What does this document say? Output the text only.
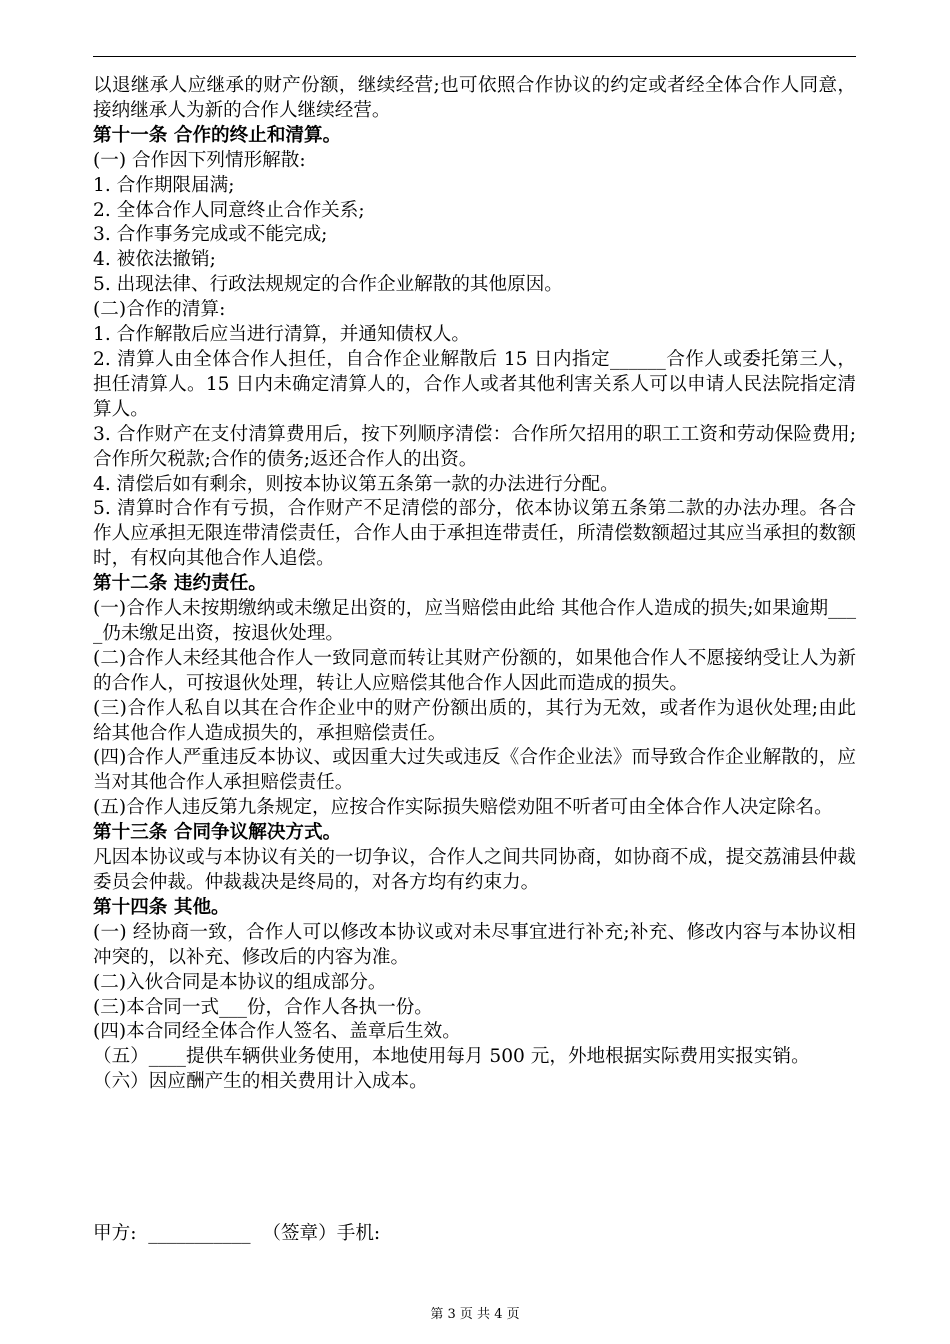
以退继承人应继承的财产份额，继续经营;也可依照合作协议的约定或者经全体合作人同意，接纳继承人为新的合作人继续经营。

第十一条 合作的终止和清算。

(一) 合作因下列情形解散:

1. 合作期限届满;

2. 全体合作人同意终止合作关系;

3. 合作事务完成或不能完成;

4. 被依法撤销;

5. 出现法律、行政法规规定的合作企业解散的其他原因。

(二)合作的清算:

1. 合作解散后应当进行清算，并通知债权人。

2. 清算人由全体合作人担任，自合作企业解散后 15 日内指定______合作人或委托第三人，担任清算人。15 日内未确定清算人的，合作人或者其他利害关系人可以申请人民法院指定清算人。

3. 合作财产在支付清算费用后，按下列顺序清偿：合作所欠招用的职工工资和劳动保险费用;合作所欠税款;合作的债务;返还合作人的出资。

4. 清偿后如有剩余，则按本协议第五条第一款的办法进行分配。

5. 清算时合作有亏损，合作财产不足清偿的部分，依本协议第五条第二款的办法办理。各合作人应承担无限连带清偿责任，合作人由于承担连带责任，所清偿数额超过其应当承担的数额时，有权向其他合作人追偿。

第十二条 违约责任。

(一)合作人未按期缴纳或未缴足出资的，应当赔偿由此给 其他合作人造成的损失;如果逾期____仍未缴足出资，按退伙处理。

(二)合作人未经其他合作人一致同意而转让其财产份额的，如果他合作人不愿接纳受让人为新的合作人，可按退伙处理，转让人应赔偿其他合作人因此而造成的损失。

(三)合作人私自以其在合作企业中的财产份额出质的，其行为无效，或者作为退伙处理;由此给其他合作人造成损失的，承担赔偿责任。

(四)合作人严重违反本协议、或因重大过失或违反《合作企业法》而导致合作企业解散的，应当对其他合作人承担赔偿责任。

(五)合作人违反第九条规定，应按合作实际损失赔偿劝阻不听者可由全体合作人决定除名。

第十三条 合同争议解决方式。

凡因本协议或与本协议有关的一切争议，合作人之间共同协商，如协商不成，提交荔浦县仲裁委员会仲裁。仲裁裁决是终局的，对各方均有约束力。

第十四条 其他。

(一) 经协商一致，合作人可以修改本协议或对未尽事宜进行补充;补充、修改内容与本协议相冲突的，以补充、修改后的内容为准。

(二)入伙合同是本协议的组成部分。

(三)本合同一式___份，合作人各执一份。

(四)本合同经全体合作人签名、盖章后生效。

（五）____提供车辆供业务使用，本地使用每月 500 元，外地根据实际费用实报实销。

（六）因应酬产生的相关费用计入成本。

甲方:  ___________  （签章）手机:
第 3 页 共 4 页
